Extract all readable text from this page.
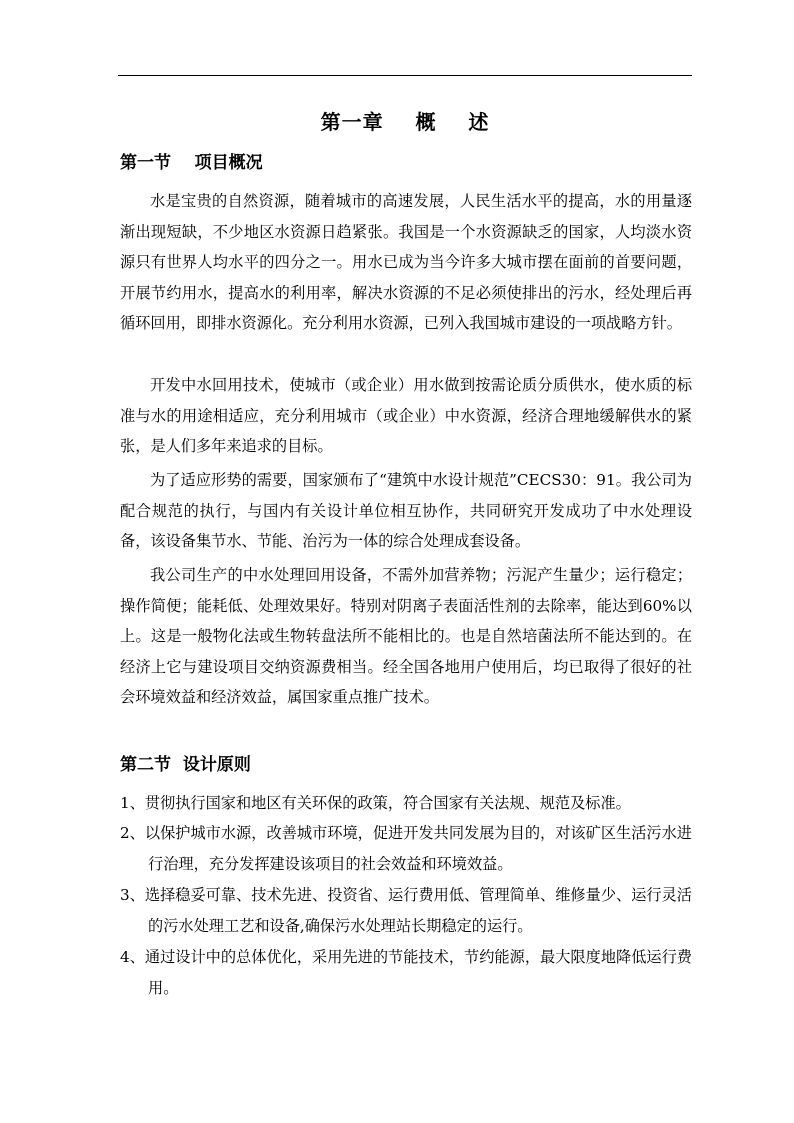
第一章    概    述
第一节    项目概况

水是宝贵的自然资源，随着城市的高速发展，人民生活水平的提高，水的用量逐渐出现短缺，不少地区水资源日趋紧张。我国是一个水资源缺乏的国家，人均淡水资源只有世界人均水平的四分之一。用水已成为当今许多大城市摆在面前的首要问题，开展节约用水，提高水的利用率，解决水资源的不足必须使排出的污水，经处理后再循环回用，即排水资源化。充分利用水资源，已列入我国城市建设的一项战略方针。

开发中水回用技术，使城市（或企业）用水做到按需论质分质供水，使水质的标准与水的用途相适应，充分利用城市（或企业）中水资源，经济合理地缓解供水的紧张，是人们多年来追求的目标。

为了适应形势的需要，国家颁布了“建筑中水设计规范”CECS30：91。我公司为配合规范的执行，与国内有关设计单位相互协作，共同研究开发成功了中水处理设备，该设备集节水、节能、治污为一体的综合处理成套设备。

我公司生产的中水处理回用设备，不需外加营养物；污泥产生量少；运行稳定；操作简便；能耗低、处理效果好。特别对阴离子表面活性剂的去除率，能达到60%以上。这是一般物化法或生物转盘法所不能相比的。也是自然培菌法所不能达到的。在经济上它与建设项目交纳资源费相当。经全国各地用户使用后，均已取得了很好的社会环境效益和经济效益，属国家重点推广技术。

第二节  设计原则

1、贯彻执行国家和地区有关环保的政策，符合国家有关法规、规范及标准。

2、以保护城市水源，改善城市环境，促进开发共同发展为目的，对该矿区生活污水进行治理，充分发挥建设该项目的社会效益和环境效益。

3、选择稳妥可靠、技术先进、投资省、运行费用低、管理简单、维修量少、运行灵活的污水处理工艺和设备,确保污水处理站长期稳定的运行。

4、通过设计中的总体优化，采用先进的节能技术，节约能源，最大限度地降低运行费用。
